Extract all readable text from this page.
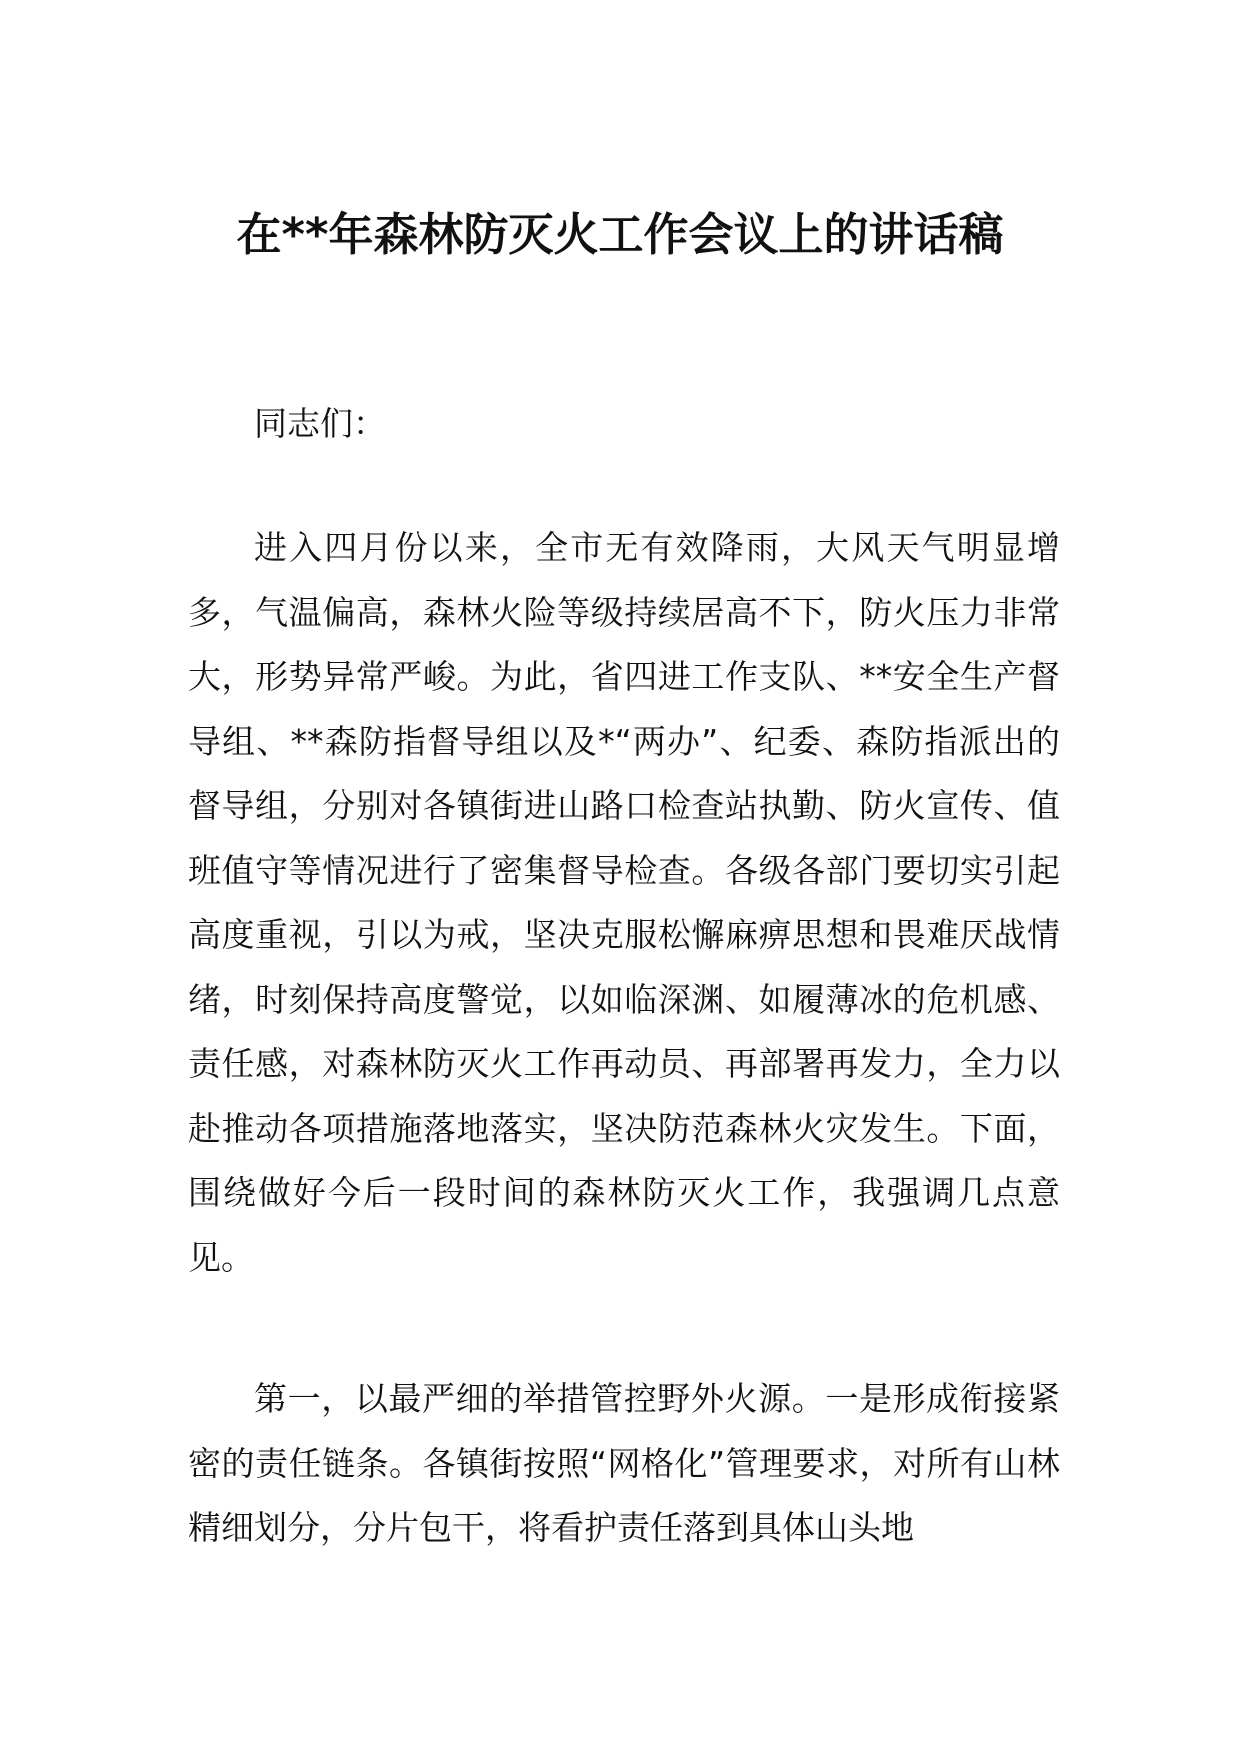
在**年森林防灭火工作会议上的讲话稿

同志们：

进入四月份以来，全市无有效降雨，大风天气明显增多，气温偏高，森林火险等级持续居高不下，防火压力非常大，形势异常严峻。为此，省四进工作支队、**安全生产督导组、**森防指督导组以及*“两办”、纪委、森防指派出的督导组，分别对各镇街进山路口检查站执勤、防火宣传、值班值守等情况进行了密集督导检查。各级各部门要切实引起高度重视，引以为戒，坚决克服松懈麻痹思想和畏难厌战情绪，时刻保持高度警觉，以如临深渊、如履薄冰的危机感、责任感，对森林防灭火工作再动员、再部署再发力，全力以赴推动各项措施落地落实，坚决防范森林火灾发生。下面，围绕做好今后一段时间的森林防灭火工作，我强调几点意见。

第一，以最严细的举措管控野外火源。一是形成衔接紧密的责任链条。各镇街按照“网格化”管理要求，对所有山林精细划分，分片包干，将看护责任落到具体山头地
